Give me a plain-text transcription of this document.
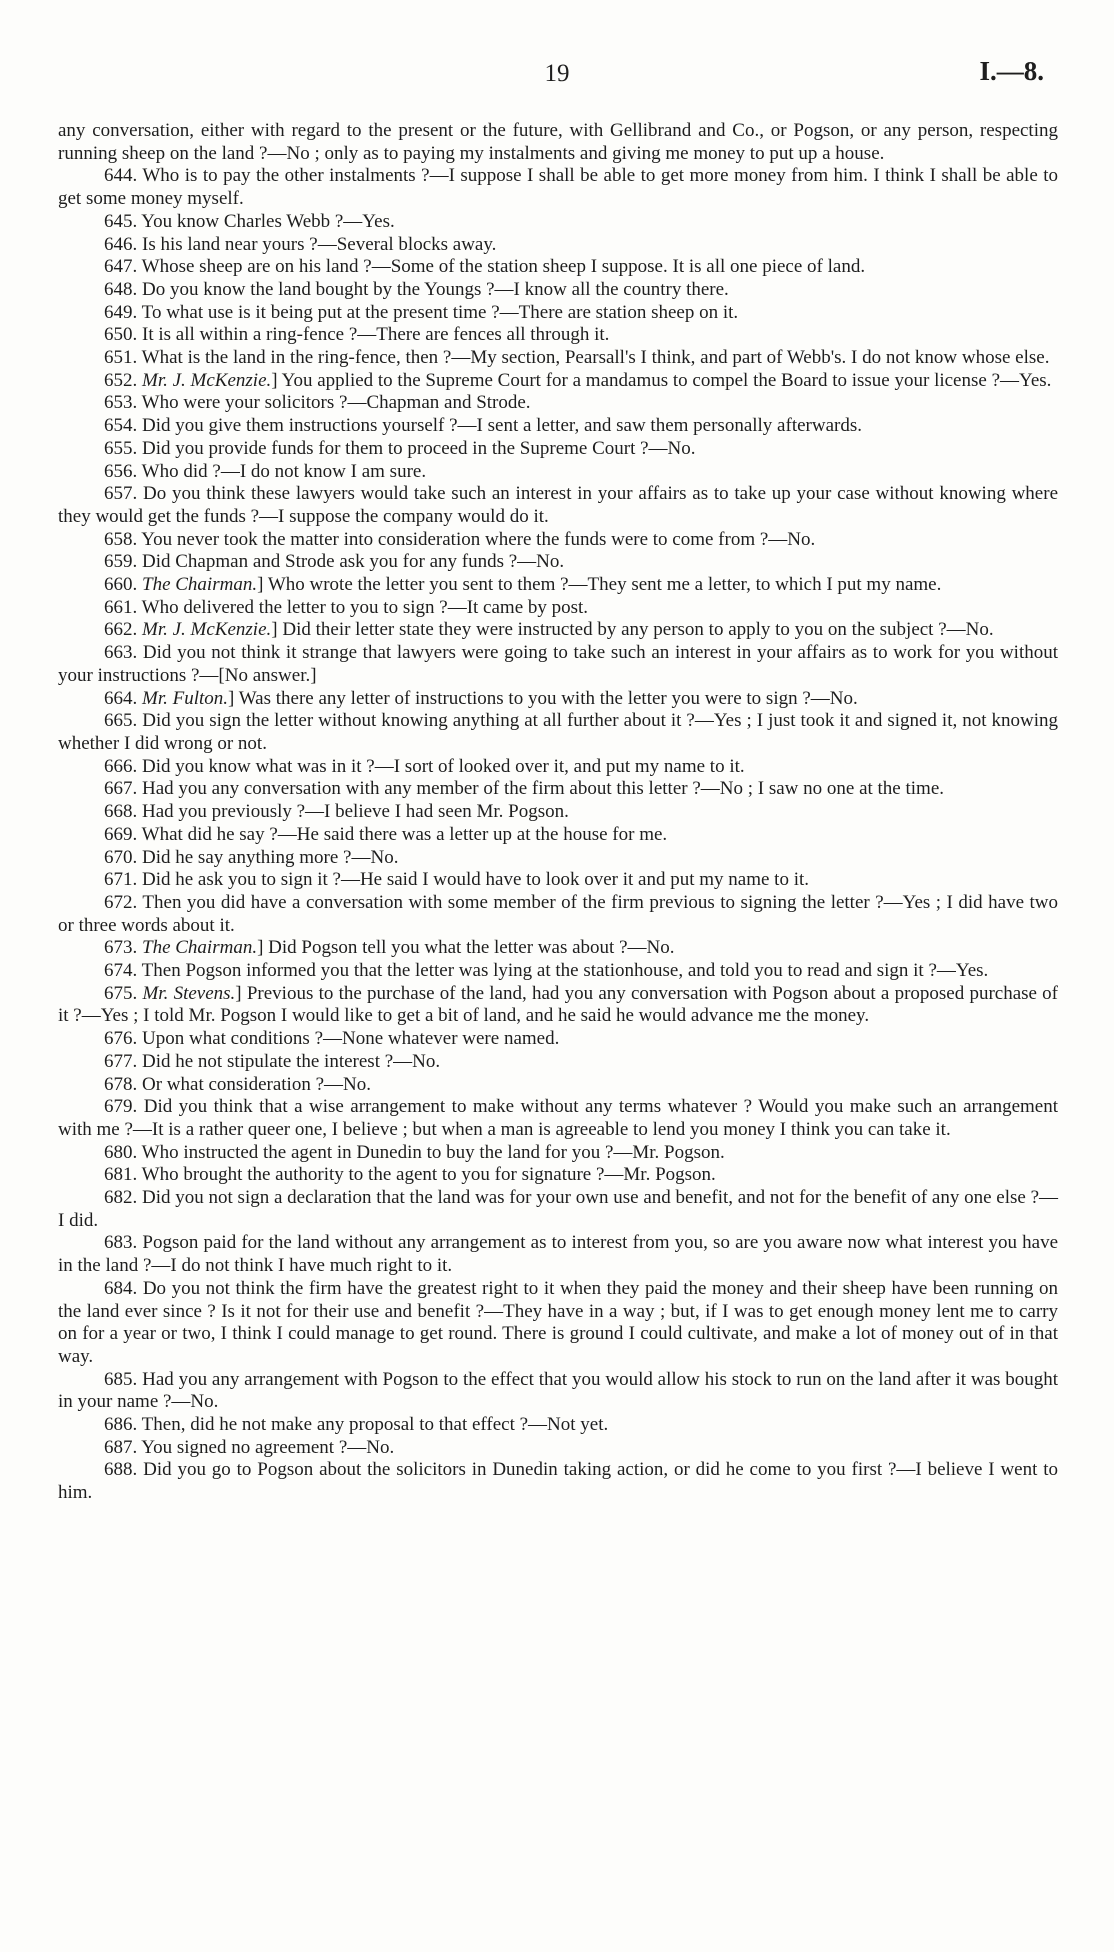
19	I.—8.

any conversation, either with regard to the present or the future, with Gellibrand and Co., or Pogson, or any person, respecting running sheep on the land ?—No ; only as to paying my instalments and giving me money to put up a house.

644. Who is to pay the other instalments ?—I suppose I shall be able to get more money from him. I think I shall be able to get some money myself.

645. You know Charles Webb ?—Yes.

646. Is his land near yours ?—Several blocks away.

647. Whose sheep are on his land ?—Some of the station sheep I suppose. It is all one piece of land.

648. Do you know the land bought by the Youngs ?—I know all the country there.

649. To what use is it being put at the present time ?—There are station sheep on it.

650. It is all within a ring-fence ?—There are fences all through it.

651. What is the land in the ring-fence, then ?—My section, Pearsall's I think, and part of Webb's. I do not know whose else.

652. Mr. J. McKenzie.] You applied to the Supreme Court for a mandamus to compel the Board to issue your license ?—Yes.

653. Who were your solicitors ?—Chapman and Strode.

654. Did you give them instructions yourself ?—I sent a letter, and saw them personally afterwards.

655. Did you provide funds for them to proceed in the Supreme Court ?—No.

656. Who did ?—I do not know I am sure.

657. Do you think these lawyers would take such an interest in your affairs as to take up your case without knowing where they would get the funds ?—I suppose the company would do it.

658. You never took the matter into consideration where the funds were to come from ?—No.

659. Did Chapman and Strode ask you for any funds ?—No.

660. The Chairman.] Who wrote the letter you sent to them ?—They sent me a letter, to which I put my name.

661. Who delivered the letter to you to sign ?—It came by post.

662. Mr. J. McKenzie.] Did their letter state they were instructed by any person to apply to you on the subject ?—No.

663. Did you not think it strange that lawyers were going to take such an interest in your affairs as to work for you without your instructions ?—[No answer.]

664. Mr. Fulton.] Was there any letter of instructions to you with the letter you were to sign ?—No.

665. Did you sign the letter without knowing anything at all further about it ?—Yes ; I just took it and signed it, not knowing whether I did wrong or not.

666. Did you know what was in it ?—I sort of looked over it, and put my name to it.

667. Had you any conversation with any member of the firm about this letter ?—No ; I saw no one at the time.

668. Had you previously ?—I believe I had seen Mr. Pogson.

669. What did he say ?—He said there was a letter up at the house for me.

670. Did he say anything more ?—No.

671. Did he ask you to sign it ?—He said I would have to look over it and put my name to it.

672. Then you did have a conversation with some member of the firm previous to signing the letter ?—Yes ; I did have two or three words about it.

673. The Chairman.] Did Pogson tell you what the letter was about ?—No.

674. Then Pogson informed you that the letter was lying at the stationhouse, and told you to read and sign it ?—Yes.

675. Mr. Stevens.] Previous to the purchase of the land, had you any conversation with Pogson about a proposed purchase of it ?—Yes ; I told Mr. Pogson I would like to get a bit of land, and he said he would advance me the money.

676. Upon what conditions ?—None whatever were named.

677. Did he not stipulate the interest ?—No.

678. Or what consideration ?—No.

679. Did you think that a wise arrangement to make without any terms whatever ? Would you make such an arrangement with me ?—It is a rather queer one, I believe ; but when a man is agreeable to lend you money I think you can take it.

680. Who instructed the agent in Dunedin to buy the land for you ?—Mr. Pogson.

681. Who brought the authority to the agent to you for signature ?—Mr. Pogson.

682. Did you not sign a declaration that the land was for your own use and benefit, and not for the benefit of any one else ?—I did.

683. Pogson paid for the land without any arrangement as to interest from you, so are you aware now what interest you have in the land ?—I do not think I have much right to it.

684. Do you not think the firm have the greatest right to it when they paid the money and their sheep have been running on the land ever since ? Is it not for their use and benefit ?—They have in a way ; but, if I was to get enough money lent me to carry on for a year or two, I think I could manage to get round. There is ground I could cultivate, and make a lot of money out of in that way.

685. Had you any arrangement with Pogson to the effect that you would allow his stock to run on the land after it was bought in your name ?—No.

686. Then, did he not make any proposal to that effect ?—Not yet.

687. You signed no agreement ?—No.

688. Did you go to Pogson about the solicitors in Dunedin taking action, or did he come to you first ?—I believe I went to him.
